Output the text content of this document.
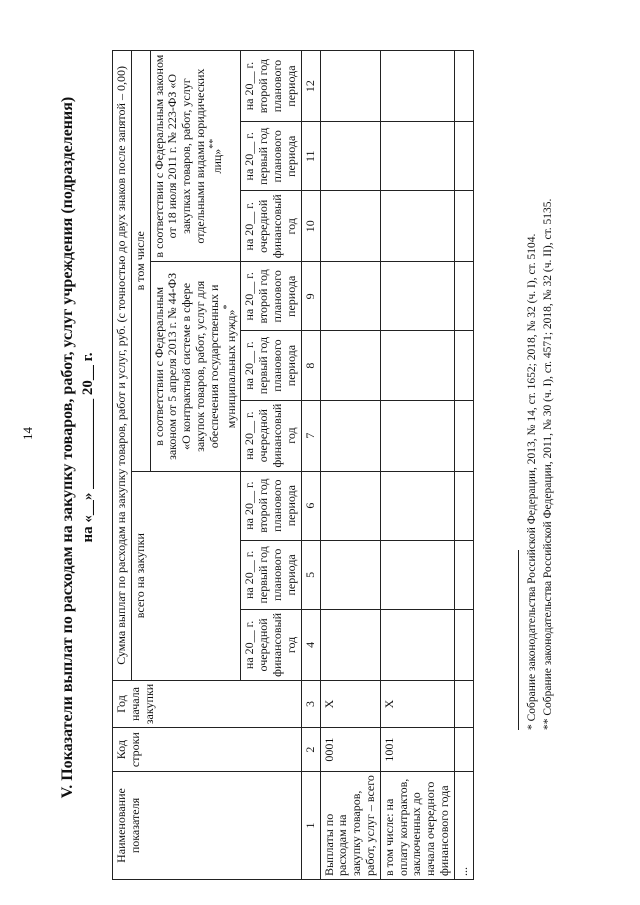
14 V. Показатели выплат по расходам на закупку товаров, работ, услуг учреждения (подразделения) на «__» ____________ 20__ г.
Наименование показателя	Код строки	Год начала закупки	Сумма выплат по расходам на закупку товаров, работ и услуг, руб. (с точностью до двух знаков после запятой – 0,00)								
			всего на закупки			в том числе					
						в соответствии с Федеральным законом от 5 апреля 2013 г. № 44-ФЗ «О контрактной системе в сфере закупок товаров, работ, услуг для обеспечения государственных и муниципальных нужд»*			в соответствии с Федеральным законом от 18 июля 2011 г. № 223-ФЗ «О закупках товаров, работ, услуг отдельными видами юридических лиц»**
			на 20__ г. очередной финансовый год	на 20__ г. первый год планового периода	на 20__ г. второй год планового периода	на 20__ г. очередной финансовый год	на 20__ г. первый год планового периода	на 20__ г. второй год планового периода	на 20__ г. очередной финансовый год	на 20__ г. первый год планового периода	на 20__ г. второй год планового периода
1	2	3	4	5	6	7	8	9	10	11	12
Выплаты по расходам на закупку товаров, работ, услуг – всего	0001	X									
в том числе: на оплату контрактов, заключенных до начала очередного финансового года	1001	X									
...											
* Собрание законодательства Российской Федерации, 2013, № 14, ст. 1652; 2018, № 32 (ч. I), ст. 5104. ** Собрание законодательства Российской Федерации, 2011, № 30 (ч. I), ст. 4571; 2018, № 32 (ч. II), ст. 5135.
